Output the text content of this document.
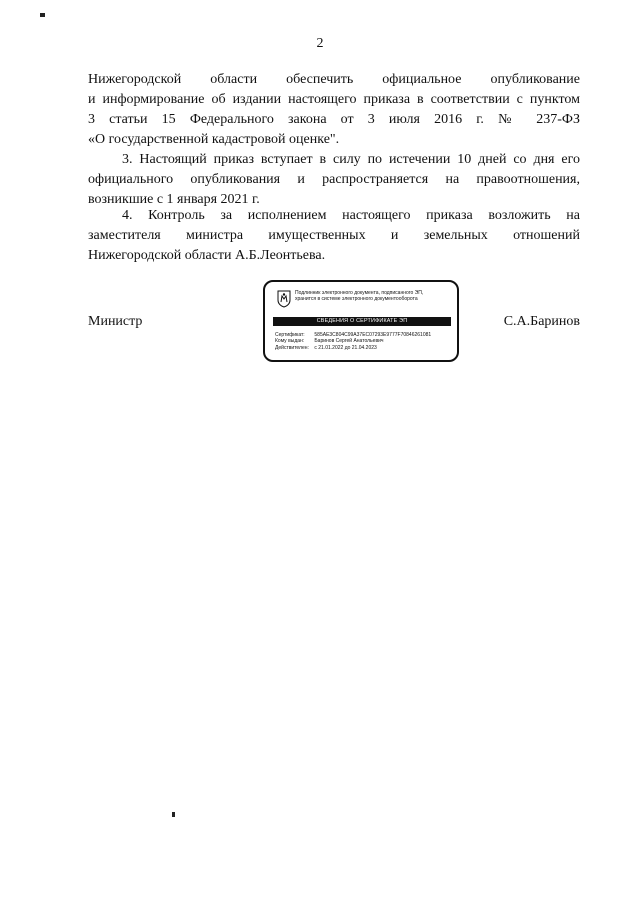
2
Нижегородской области обеспечить официальное опубликование
и информирование об издании настоящего приказа в соответствии с пунктом
3 статьи 15 Федерального закона от 3 июля 2016 г. № 237-ФЗ
«О государственной кадастровой оценке".
3. Настоящий приказ вступает в силу по истечении 10 дней со дня его
официального опубликования и распространяется на правоотношения,
возникшие с 1 января 2021 г.
4. Контроль за исполнением настоящего приказа возложить на
заместителя министра имущественных и земельных отношений
Нижегородской области А.Б.Леонтьева.
Министр	С.А.Баринов
Подлинник электронного документа, подписанного ЭП,
хранится в системе электронного документооборота
СВЕДЕНИЯ О СЕРТИФИКАТЕ ЭП
Сертификат: 585AE3C804C99A37EC07293E9777F70846261081
Кому выдан: Баринов Сергей Анатольевич
Действителен: с 21.01.2022 до 21.04.2023
